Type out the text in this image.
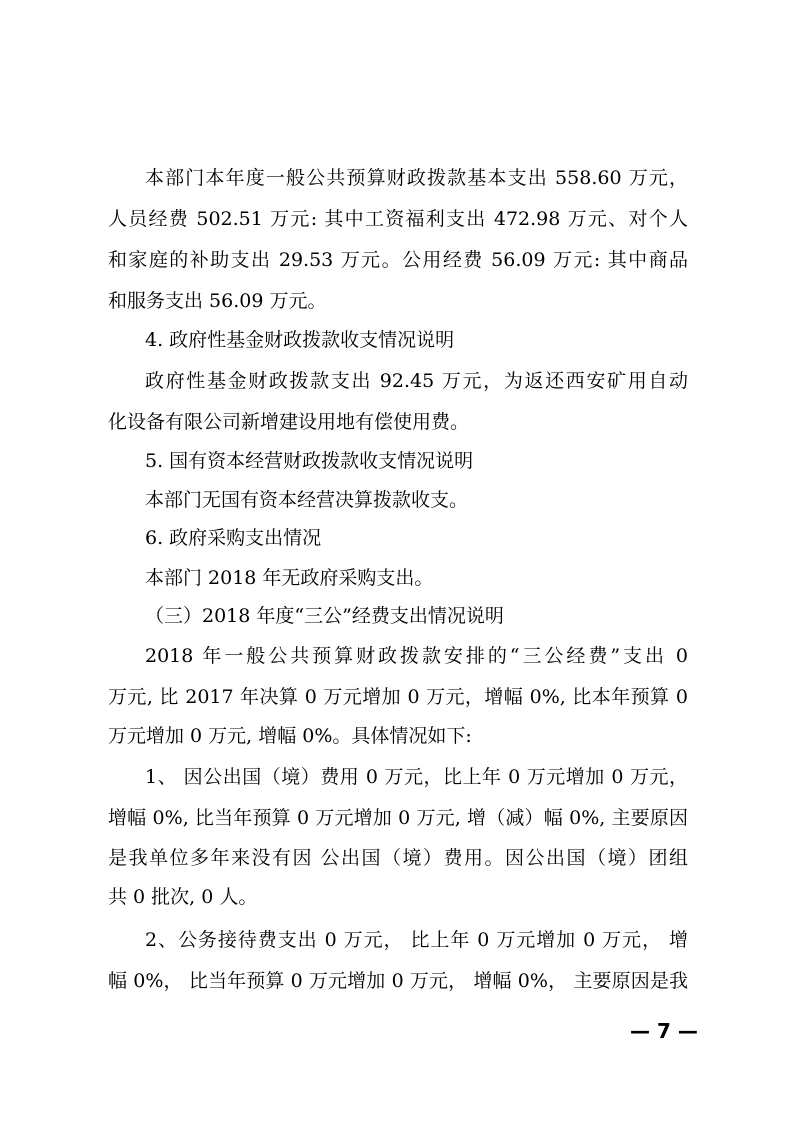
本部门本年度一般公共预算财政拨款基本支出 558.60 万元，
人员经费 502.51 万元: 其中工资福利支出 472.98 万元、对个人
和家庭的补助支出 29.53 万元。公用经费 56.09 万元: 其中商品
和服务支出 56.09 万元。
4. 政府性基金财政拨款收支情况说明
政府性基金财政拨款支出 92.45 万元，为返还西安矿用自动
化设备有限公司新增建设用地有偿使用费。
5. 国有资本经营财政拨款收支情况说明
本部门无国有资本经营决算拨款收支。
6. 政府采购支出情况
本部门 2018 年无政府采购支出。
（三）2018 年度“三公”经费支出情况说明
2018 年一般公共预算财政拨款安排的“三公经费”支出 0
万元, 比 2017 年决算 0 万元增加 0 万元，增幅 0%, 比本年预算 0
万元增加 0 万元, 增幅 0%。具体情况如下:
1、 因公出国（境）费用 0 万元，比上年 0 万元增加 0 万元，
增幅 0%, 比当年预算 0 万元增加 0 万元, 增（减）幅 0%, 主要原因
是我单位多年来没有因 公出国（境）费用。因公出国（境）团组
共 0 批次, 0 人。
2、公务接待费支出 0 万元， 比上年 0 万元增加 0 万元， 增
幅 0%， 比当年预算 0 万元增加 0 万元， 增幅 0%， 主要原因是我
— 7 —
